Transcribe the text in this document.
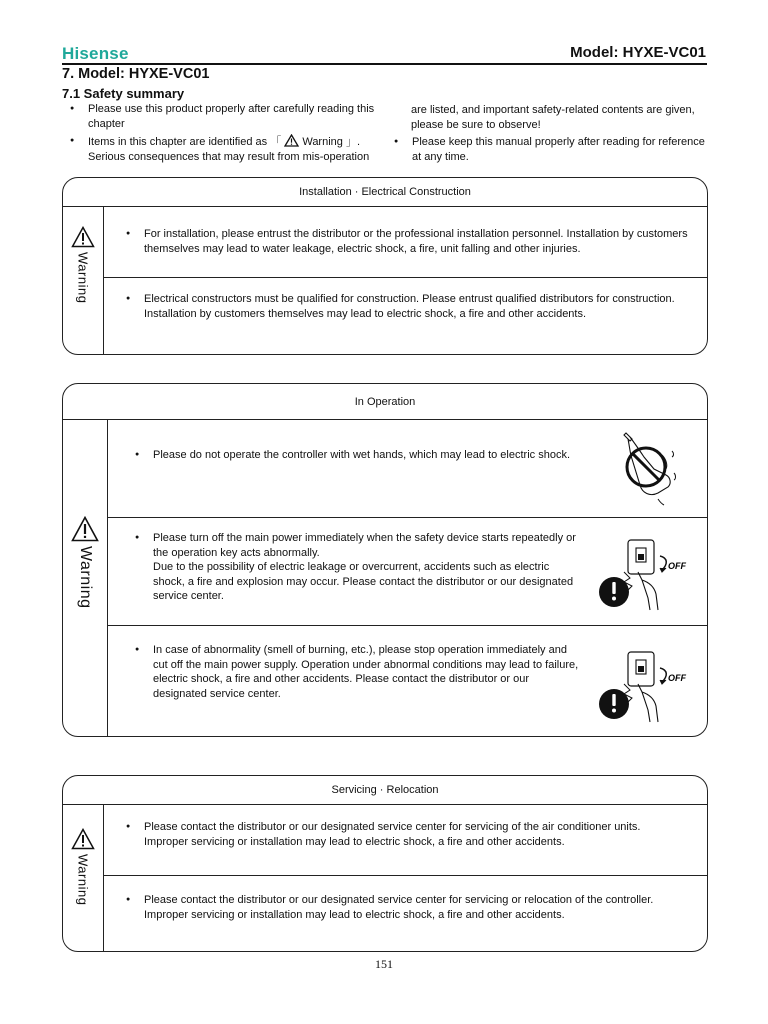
Hisense	Model: HYXE-VC01
7. Model: HYXE-VC01
7.1 Safety summary
● Please use this product properly after carefully reading this chapter
● Items in this chapter are identified as 「 Warning 」.
Serious consequences that may result from mis-operation
are listed, and important safety-related contents are given, please be sure to observe!
● Please keep this manual properly after reading for reference at any time.
Installation · Electrical Construction
Warning

● For installation, please entrust the distributor or the professional installation personnel. Installation by customers themselves may lead to water leakage, electric shock, a fire, unit falling and other injuries.

● Electrical constructors must be qualified for construction. Please entrust qualified distributors for construction.

Installation by customers themselves may lead to electric shock, a fire and other accidents.

In Operation
Warning

● Please do not operate the controller with wet hands, which may lead to electric shock.

● Please turn off the main power immediately when the safety device starts repeatedly or the operation key acts abnormally.

Due to the possibility of electric leakage or overcurrent, accidents such as electric shock, a fire and explosion may occur. Please contact the distributor or our designated service center.

OFF

● In case of abnormality (smell of burning, etc.), please stop operation immediately and cut off the main power supply. Operation under abnormal conditions may lead to failure, electric shock, a fire and other accidents. Please contact the distributor or our designated service center.

OFF
Servicing · Relocation
Warning

● Please contact the distributor or our designated service center for servicing of the air conditioner units.

Improper servicing or installation may lead to electric shock, a fire and other accidents.

● Please contact the distributor or our designated service center for servicing or relocation of the controller.

Improper servicing or installation may lead to electric shock, a fire and other accidents.

151
